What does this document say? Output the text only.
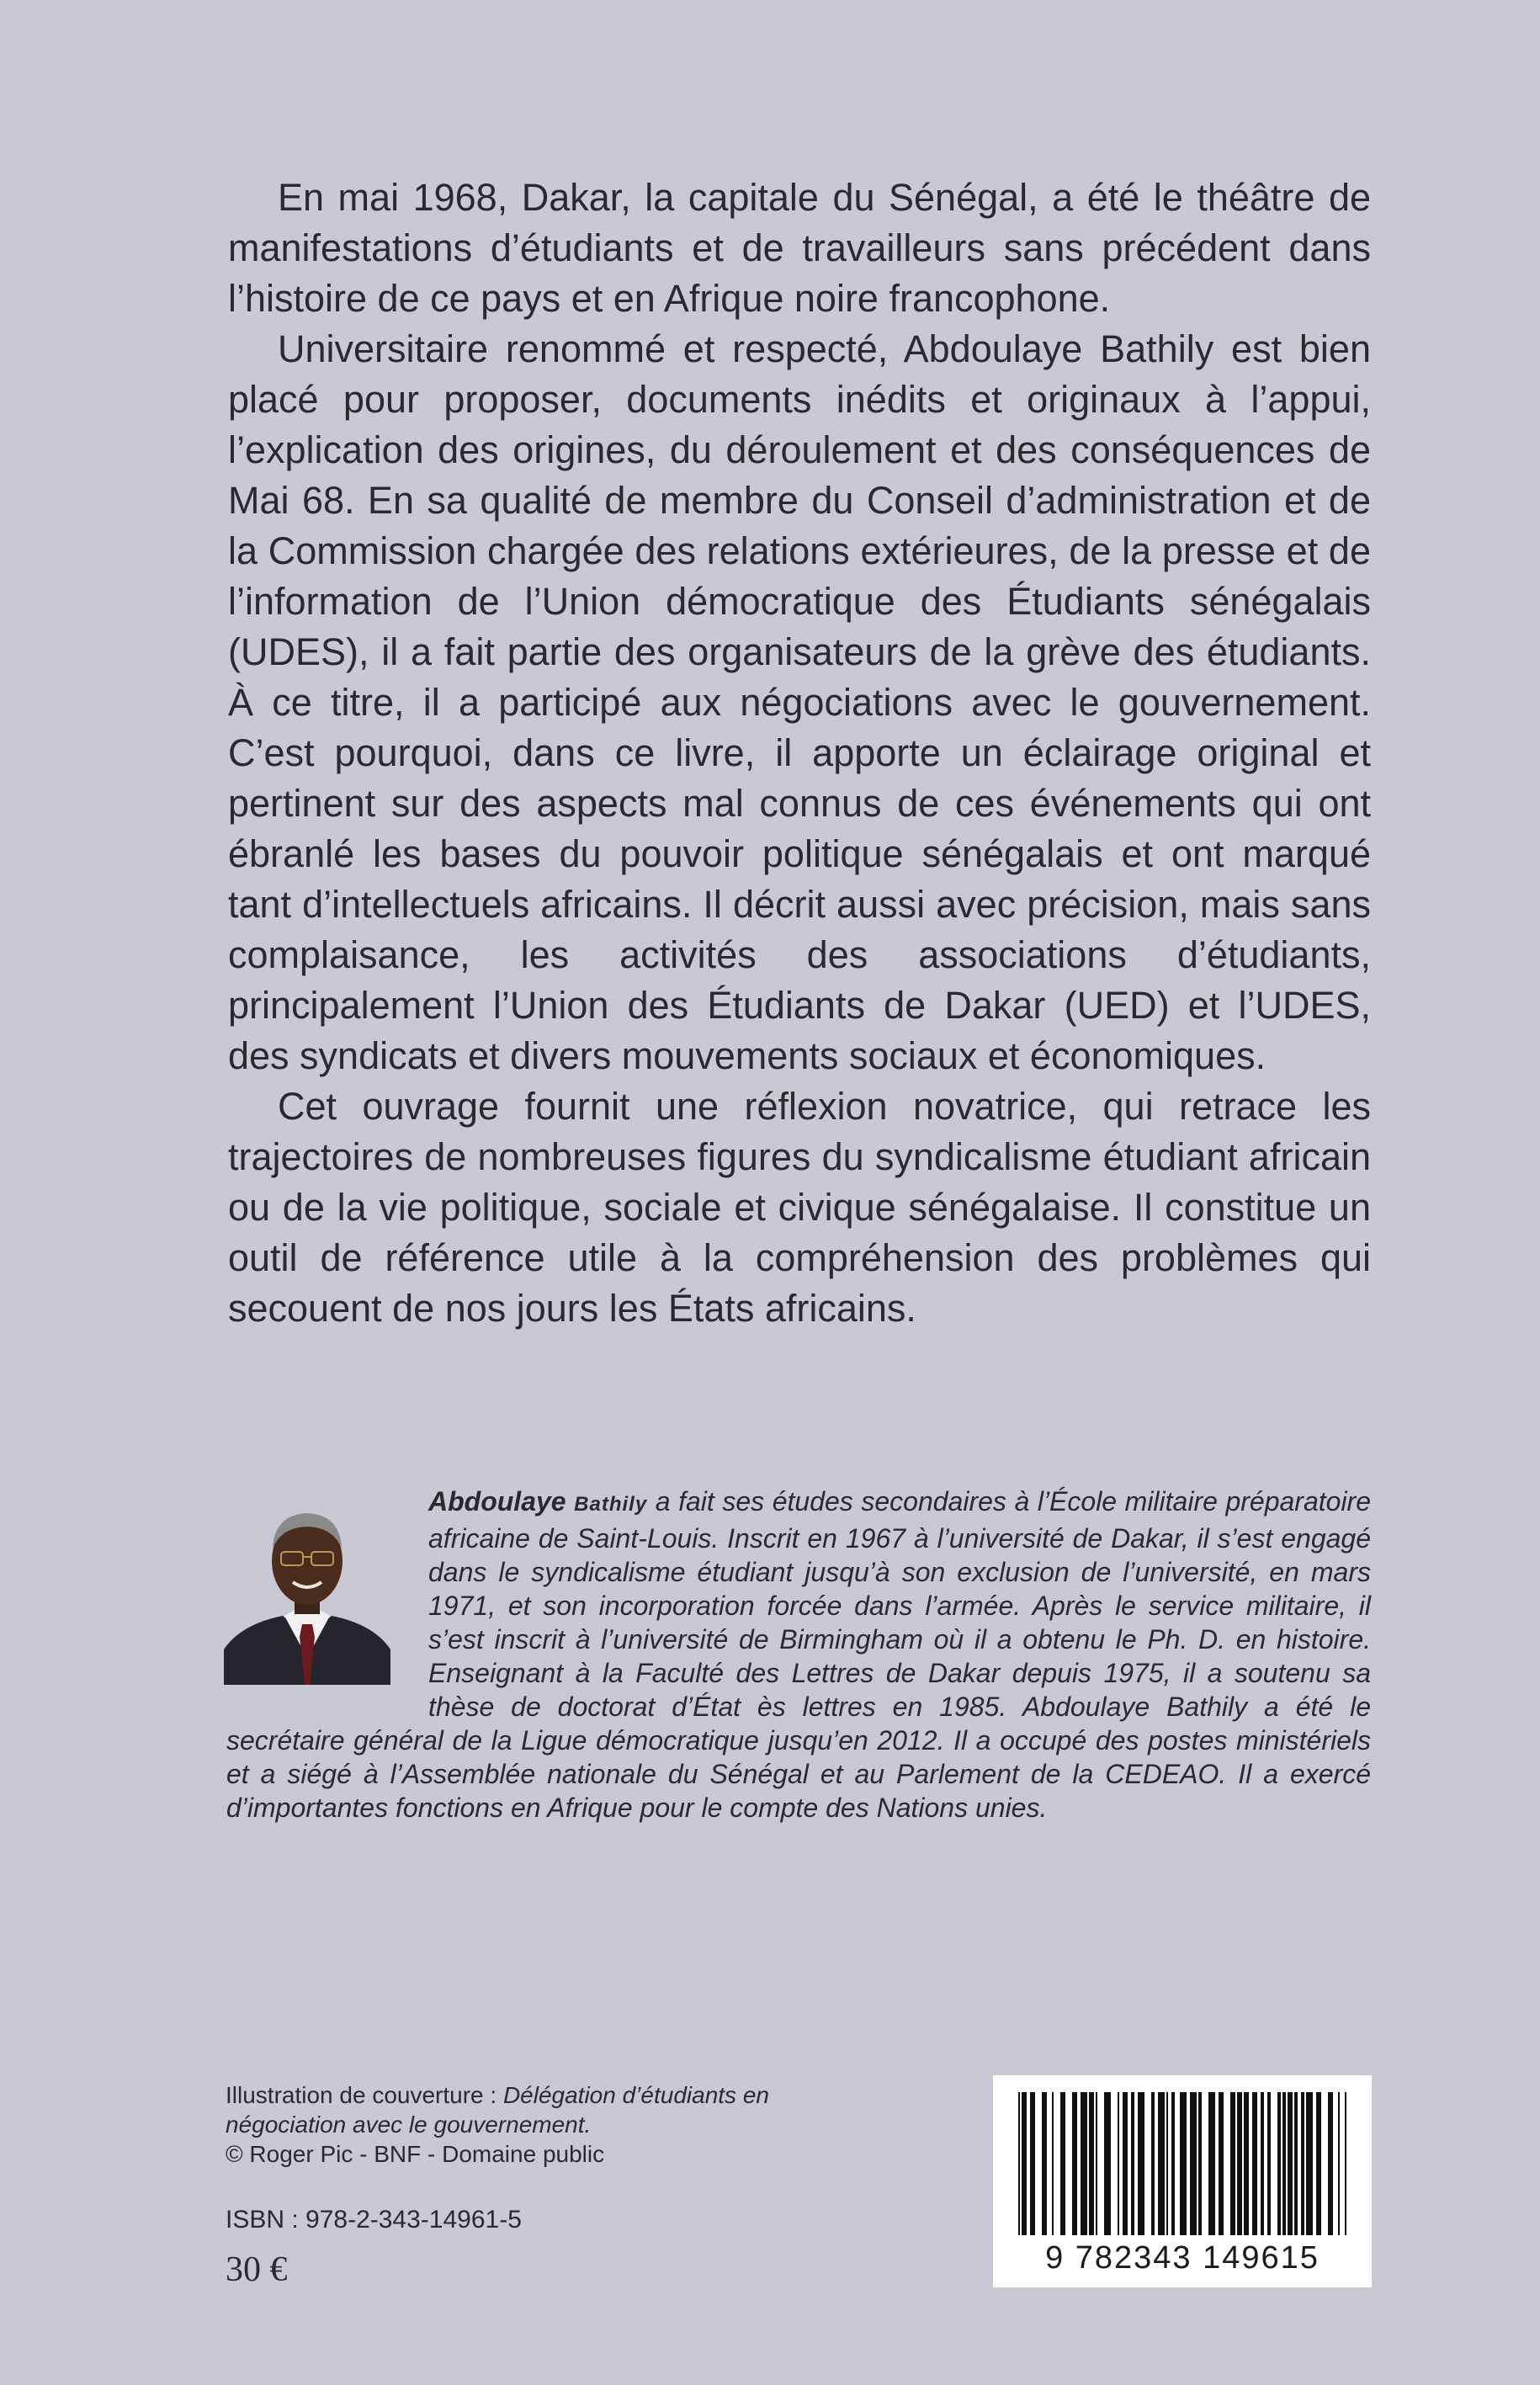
En mai 1968, Dakar, la capitale du Sénégal, a été le théâtre de manifestations d’étudiants et de travailleurs sans précédent dans l’histoire de ce pays et en Afrique noire francophone.

Universitaire renommé et respecté, Abdoulaye Bathily est bien placé pour proposer, documents inédits et originaux à l’appui, l’explication des origines, du déroulement et des conséquences de Mai 68. En sa qualité de membre du Conseil d’administration et de la Commission chargée des relations extérieures, de la presse et de l’information de l’Union démocratique des Étudiants sénégalais (UDES), il a fait partie des organisateurs de la grève des étudiants. À ce titre, il a participé aux négociations avec le gouvernement. C’est pourquoi, dans ce livre, il apporte un éclairage original et pertinent sur des aspects mal connus de ces événements qui ont ébranlé les bases du pouvoir politique sénégalais et ont marqué tant d’intellectuels africains. Il décrit aussi avec précision, mais sans complaisance, les activités des associations d’étudiants, principalement l’Union des Étudiants de Dakar (UED) et l’UDES, des syndicats et divers mouvements sociaux et économiques.

Cet ouvrage fournit une réflexion novatrice, qui retrace les trajectoires de nombreuses figures du syndicalisme étudiant africain ou de la vie politique, sociale et civique sénégalaise. Il constitue un outil de référence utile à la compréhension des problèmes qui secouent de nos jours les États africains.

Abdoulaye Bathily a fait ses études secondaires à l’École militaire préparatoire africaine de Saint-Louis. Inscrit en 1967 à l’université de Dakar, il s’est engagé dans le syndicalisme étudiant jusqu’à son exclusion de l’université, en mars 1971, et son incorporation forcée dans l’armée. Après le service militaire, il s’est inscrit à l’université de Birmingham où il a obtenu le Ph. D. en histoire. Enseignant à la Faculté des Lettres de Dakar depuis 1975, il a soutenu sa thèse de doctorat d’État ès lettres en 1985. Abdoulaye Bathily a été le secrétaire général de la Ligue démocratique jusqu’en 2012. Il a occupé des postes ministériels et a siégé à l’Assemblée nationale du Sénégal et au Parlement de la CEDEAO. Il a exercé d’importantes fonctions en Afrique pour le compte des Nations unies.
Illustration de couverture : Délégation d’étudiants en négociation avec le gouvernement.
© Roger Pic - BNF - Domaine public
ISBN : 978-2-343-14961-5
30 €	9 782343 149615
